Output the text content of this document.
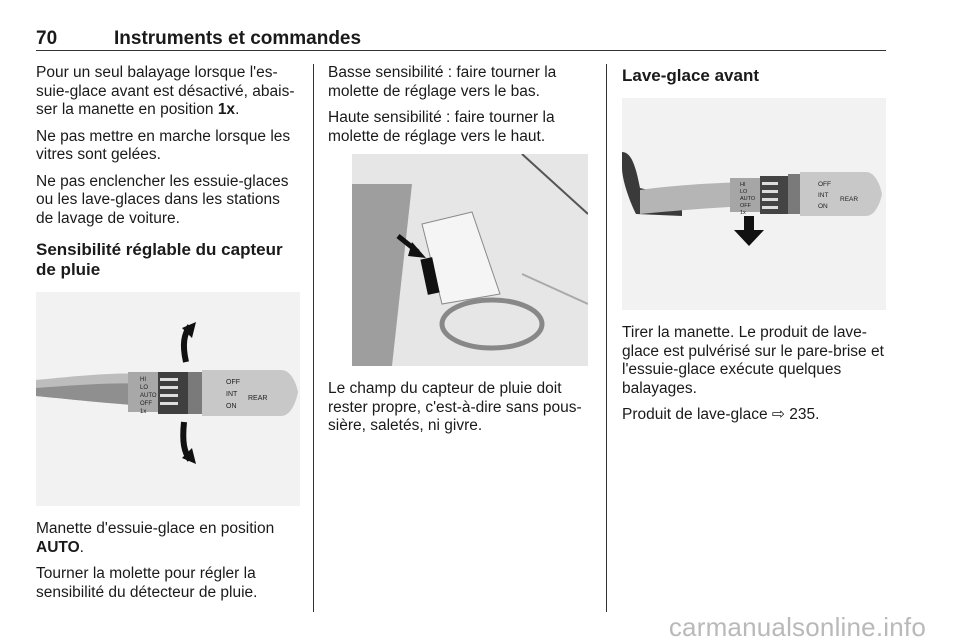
70	Instruments et commandes

Pour un seul balayage lorsque l'essuie-glace avant est désactivé, abaisser la manette en position 1x.

Ne pas mettre en marche lorsque les vitres sont gelées.

Ne pas enclencher les essuie-glaces ou les lave-glaces dans les stations de lavage de voiture.

Sensibilité réglable du capteur de pluie
HI
LO
AUTO
OFF
1x
OFF
INT
ON
REAR

Manette d'essuie-glace en position AUTO.

Tourner la molette pour régler la sensibilité du détecteur de pluie.

Basse sensibilité : faire tourner la molette de réglage vers le bas.

Haute sensibilité : faire tourner la molette de réglage vers le haut.

Le champ du capteur de pluie doit rester propre, c'est-à-dire sans poussière, saletés, ni givre.

Lave-glace avant
HI
LO
AUTO
OFF
1x
OFF
INT
ON
REAR

Tirer la manette. Le produit de lave-glace est pulvérisé sur le pare-brise et l'essuie-glace exécute quelques balayages.

Produit de lave-glace ⇨ 235.

carmanualsonline.info
